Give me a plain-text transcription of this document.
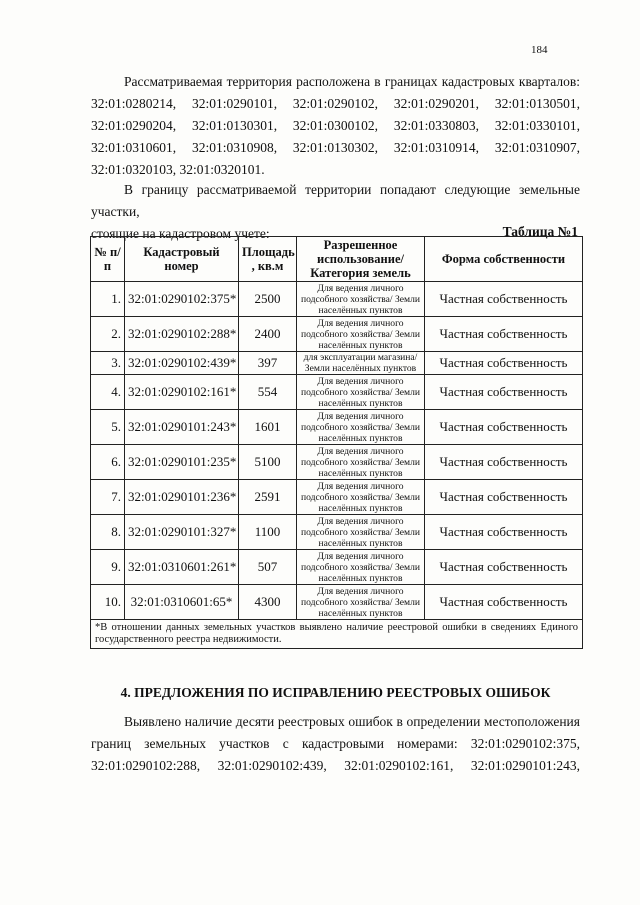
184
Рассматриваемая территория расположена в границах кадастровых кварталов:
32:01:0280214, 32:01:0290101, 32:01:0290102, 32:01:0290201, 32:01:0130501,
32:01:0290204, 32:01:0130301, 32:01:0300102, 32:01:0330803, 32:01:0330101,
32:01:0310601, 32:01:0310908, 32:01:0130302, 32:01:0310914, 32:01:0310907,
32:01:0320103, 32:01:0320101.
В границу рассматриваемой территории попадают следующие земельные участки,
стоящие на кадастровом учете:	Таблица №1
№ п/п	Кадастровый номер	Площадь , кв.м	Разрешенное использование/ Категория земель	Форма собственности
1.	32:01:0290102:375*	2500	Для ведения личного подсобного хозяйства/ Земли населённых пунктов	Частная собственность
2.	32:01:0290102:288*	2400	Для ведения личного подсобного хозяйства/ Земли населённых пунктов	Частная собственность
3.	32:01:0290102:439*	397	для эксплуатации магазина/ Земли населённых пунктов	Частная собственность
4.	32:01:0290102:161*	554	Для ведения личного подсобного хозяйства/ Земли населённых пунктов	Частная собственность
5.	32:01:0290101:243*	1601	Для ведения личного подсобного хозяйства/ Земли населённых пунктов	Частная собственность
6.	32:01:0290101:235*	5100	Для ведения личного подсобного хозяйства/ Земли населённых пунктов	Частная собственность
7.	32:01:0290101:236*	2591	Для ведения личного подсобного хозяйства/ Земли населённых пунктов	Частная собственность
8.	32:01:0290101:327*	1100	Для ведения личного подсобного хозяйства/ Земли населённых пунктов	Частная собственность
9.	32:01:0310601:261*	507	Для ведения личного подсобного хозяйства/ Земли населённых пунктов	Частная собственность
10.	32:01:0310601:65*	4300	Для ведения личного подсобного хозяйства/ Земли населённых пунктов	Частная собственность
*В отношении данных земельных участков выявлено наличие реестровой ошибки в сведениях Единого государственного реестра недвижимости.				
4. ПРЕДЛОЖЕНИЯ ПО ИСПРАВЛЕНИЮ РЕЕСТРОВЫХ ОШИБОК
Выявлено наличие десяти реестровых ошибок в определении местоположения
границ земельных участков с кадастровыми номерами: 32:01:0290102:375,
32:01:0290102:288, 32:01:0290102:439, 32:01:0290102:161, 32:01:0290101:243,
